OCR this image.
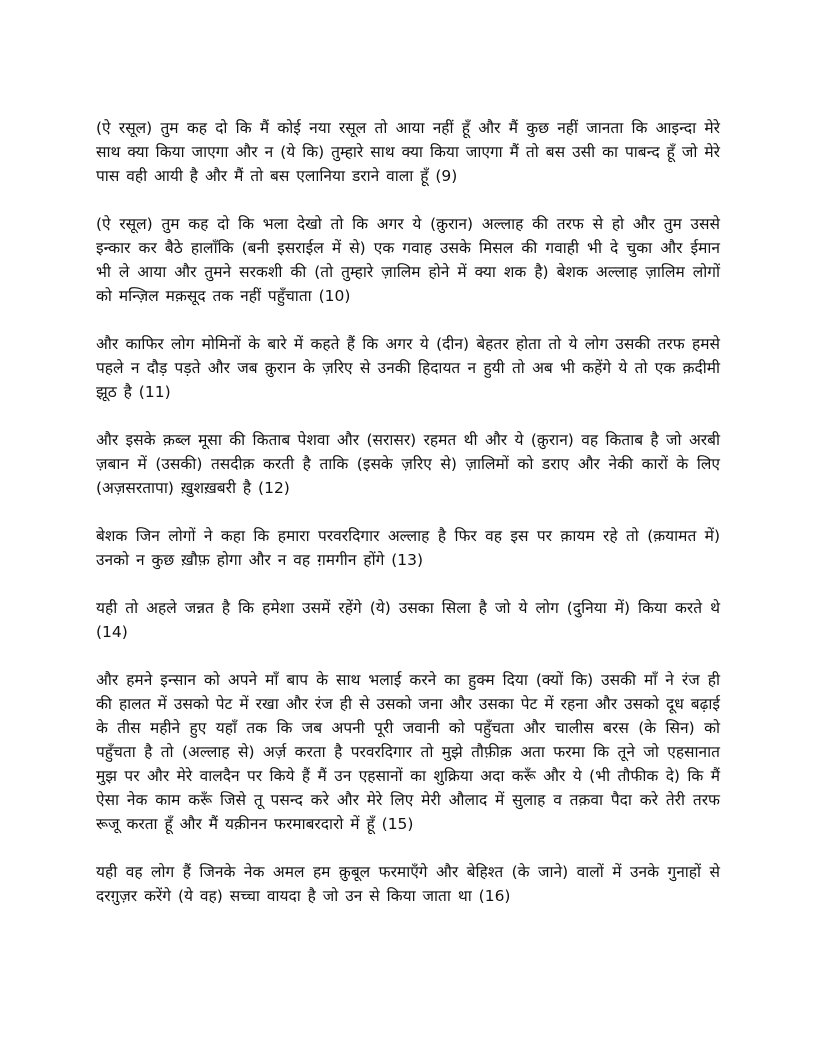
(ऐ रसूल) तुम कह दो कि मैं कोई नया रसूल तो आया नहीं हूँ और मैं कुछ नहीं जानता कि आइन्दा मेरे साथ क्या किया जाएगा और न (ये कि) तुम्हारे साथ क्या किया जाएगा मैं तो बस उसी का पाबन्द हूँ जो मेरे पास वही आयी है और मैं तो बस एलानिया डराने वाला हूँ (9)

(ऐ रसूल) तुम कह दो कि भला देखो तो कि अगर ये (क़ुरान) अल्लाह की तरफ से हो और तुम उससे इन्कार कर बैठे हालाँकि (बनी इसराईल में से) एक गवाह उसके मिसल की गवाही भी दे चुका और ईमान भी ले आया और तुमने सरकशी की (तो तुम्हारे ज़ालिम होने में क्या शक है) बेशक अल्लाह ज़ालिम लोगों को मन्ज़िल मक़सूद तक नहीं पहुँचाता (10)

और काफिर लोग मोमिनों के बारे में कहते हैं कि अगर ये (दीन) बेहतर होता तो ये लोग उसकी तरफ हमसे पहले न दौड़ पड़ते और जब क़ुरान के ज़रिए से उनकी हिदायत न हुयी तो अब भी कहेंगे ये तो एक क़दीमी झूठ है (11)

और इसके क़ब्ल मूसा की किताब पेशवा और (सरासर) रहमत थी और ये (क़ुरान) वह किताब है जो अरबी ज़बान में (उसकी) तसदीक़ करती है ताकि (इसके ज़रिए से) ज़ालिमों को डराए और नेकी कारों के लिए (अज़सरतापा) ख़ुशख़बरी है (12)

बेशक जिन लोगों ने कहा कि हमारा परवरदिगार अल्लाह है फिर वह इस पर क़ायम रहे तो (क़यामत में) उनको न कुछ ख़ौफ़ होगा और न वह ग़मगीन होंगे (13)

यही तो अहले जन्नत है कि हमेशा उसमें रहेंगे (ये) उसका सिला है जो ये लोग (दुनिया में) किया करते थे (14)

और हमने इन्सान को अपने माँ बाप के साथ भलाई करने का हुक्म दिया (क्यों कि) उसकी माँ ने रंज ही की हालत में उसको पेट में रखा और रंज ही से उसको जना और उसका पेट में रहना और उसको दूध बढ़ाई के तीस महीने हुए यहाँ तक कि जब अपनी पूरी जवानी को पहुँचता और चालीस बरस (के सिन) को पहुँचता है तो (अल्लाह से) अर्ज़ करता है परवरदिगार तो मुझे तौफ़ीक़ अता फरमा कि तूने जो एहसानात मुझ पर और मेरे वालदैन पर किये हैं मैं उन एहसानों का शुक्रिया अदा करूँ और ये (भी तौफीक दे) कि मैं ऐसा नेक काम करूँ जिसे तू पसन्द करे और मेरे लिए मेरी औलाद में सुलाह व तक़वा पैदा करे तेरी तरफ रूजू करता हूँ और मैं यक़ीनन फरमाबरदारो में हूँ (15)

यही वह लोग हैं जिनके नेक अमल हम क़ुबूल फरमाएँगे और बेहिश्त (के जाने) वालों में उनके गुनाहों से दरग़ुज़र करेंगे (ये वह) सच्चा वायदा है जो उन से किया जाता था (16)
